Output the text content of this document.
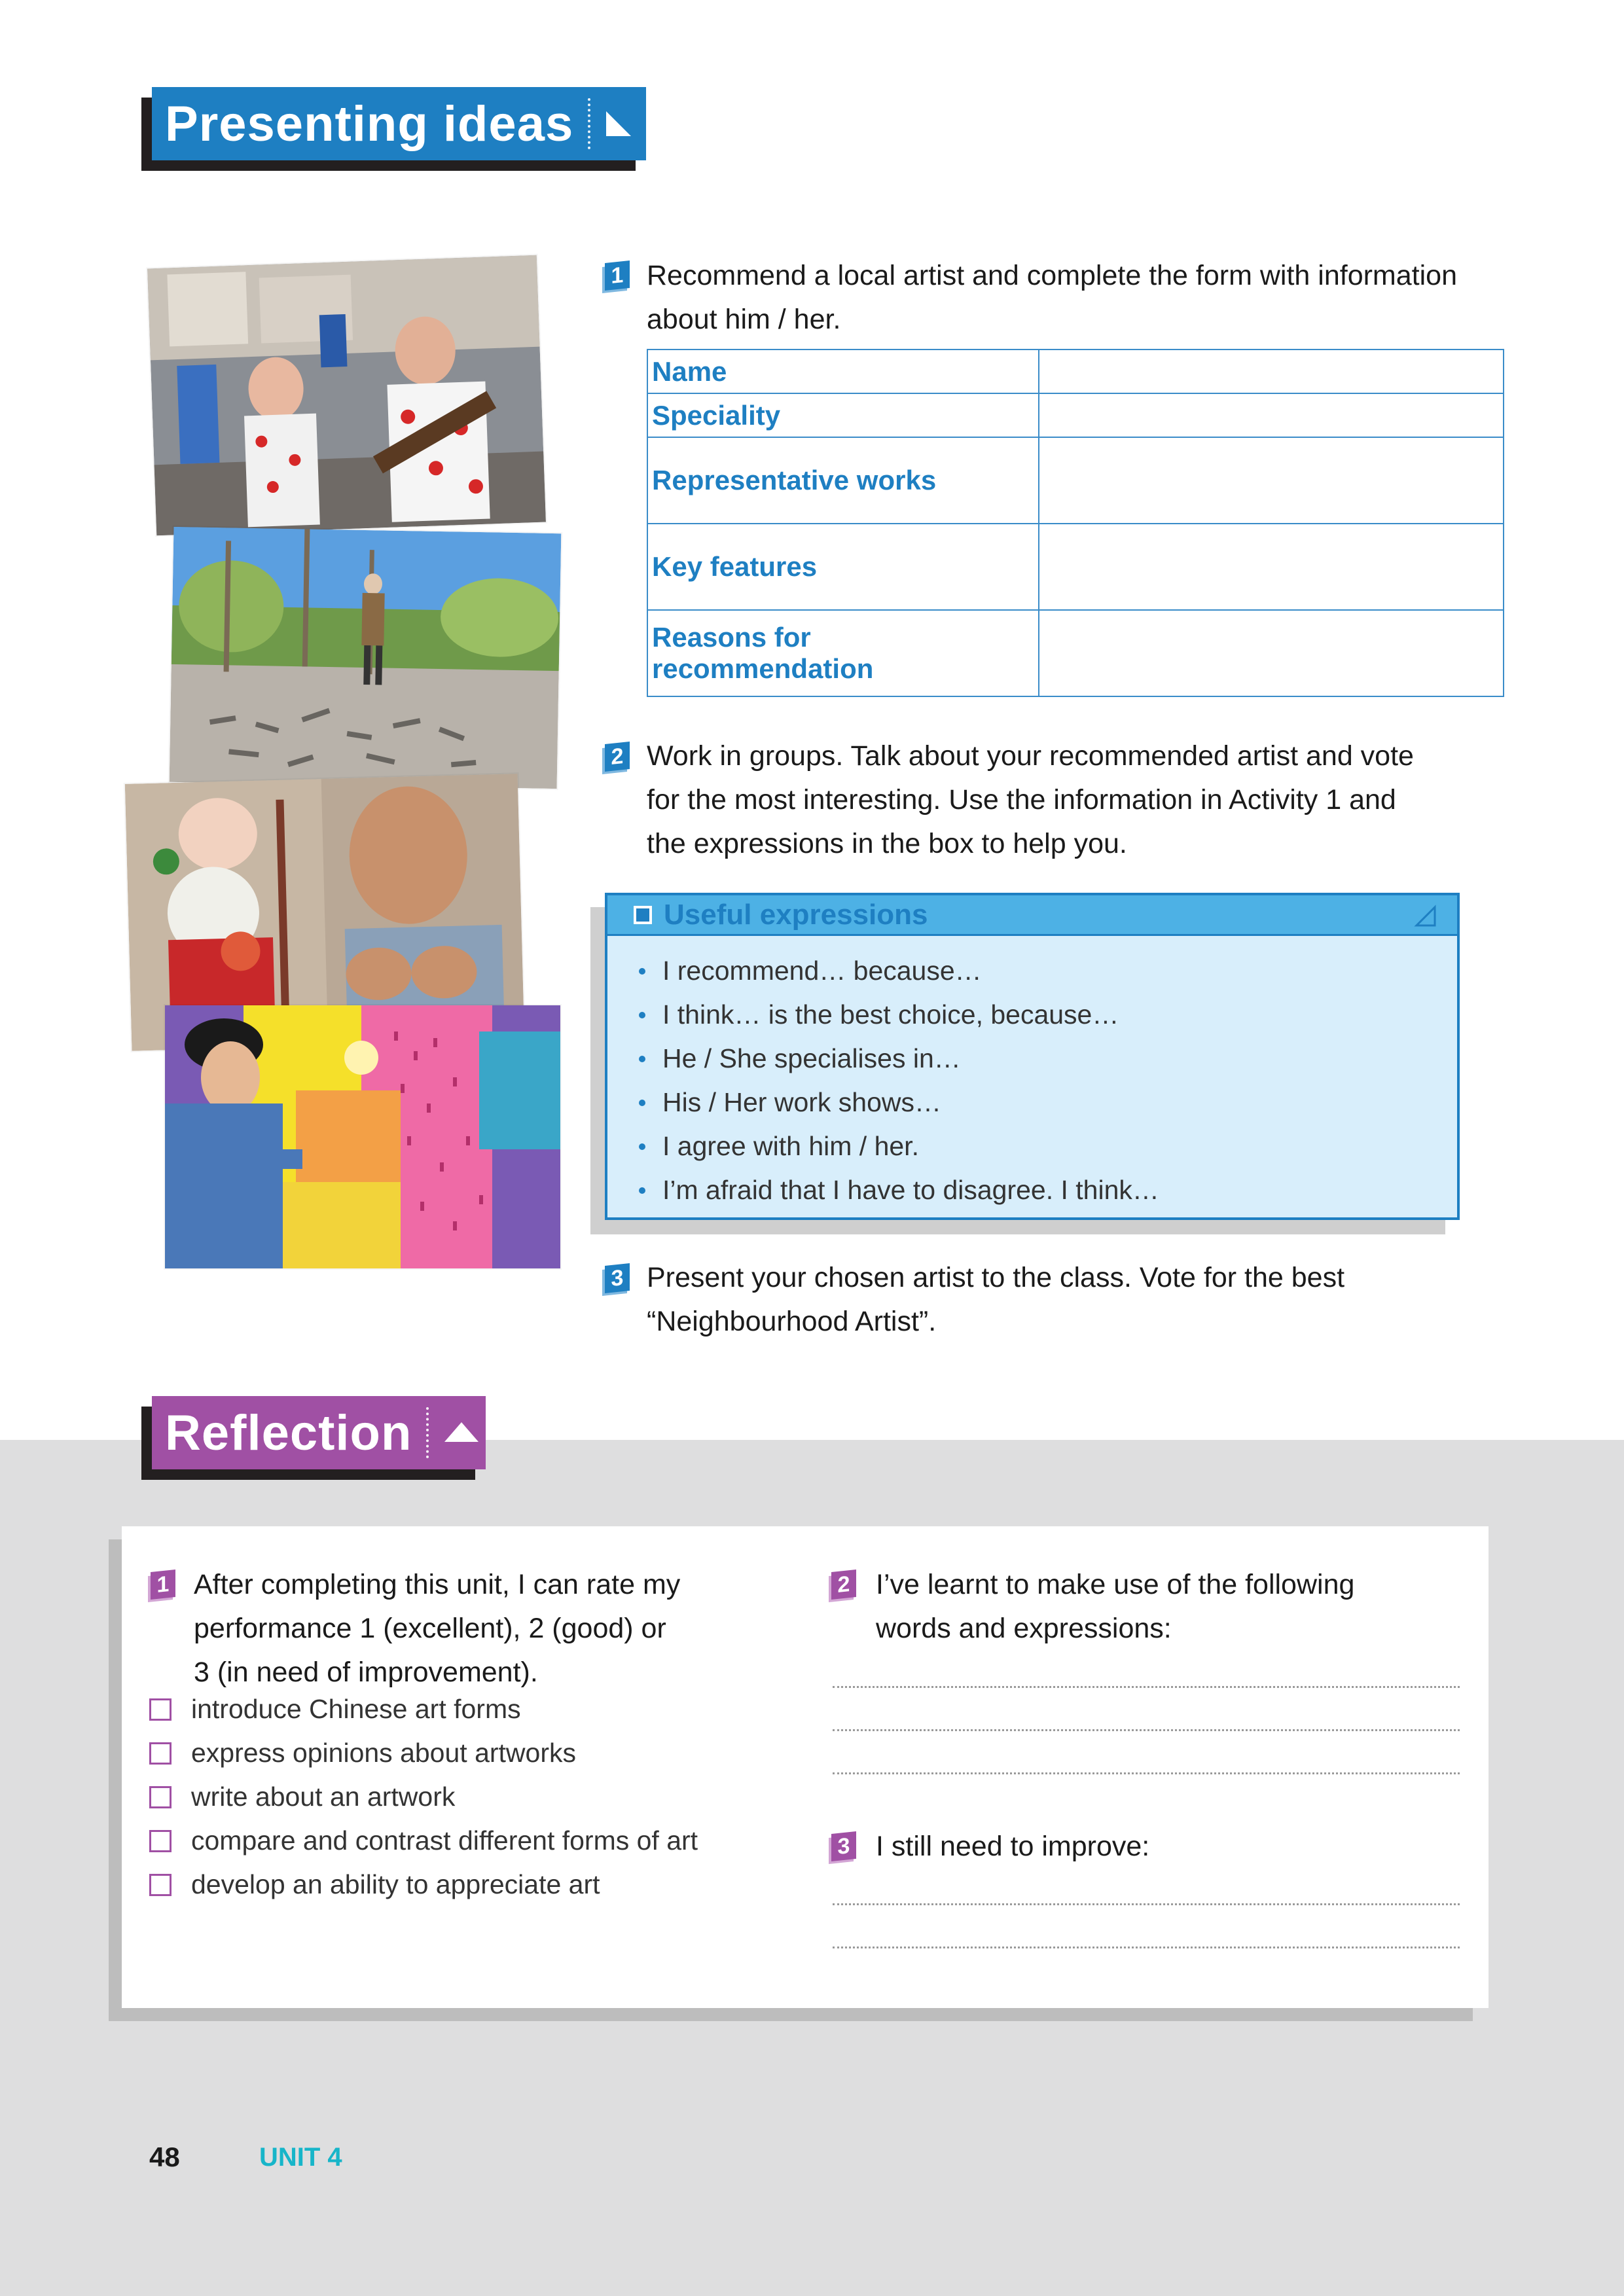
Presenting ideas
1 Recommend a local artist and complete the form with information
about him / her.
Name	
Speciality	
Representative works	
Key features	
Reasons for recommendation	
2 Work in groups. Talk about your recommended artist and vote
for the most interesting. Use the information in Activity 1 and
the expressions in the box to help you.
Useful expressions
I recommend… because…
I think… is the best choice, because…
He / She specialises in…
His / Her work shows…
I agree with him / her.
I’m afraid that I have to disagree. I think…
3 Present your chosen artist to the class. Vote for the best
“Neighbourhood Artist”.
Reflection
1 After completing this unit, I can rate my
performance 1 (excellent), 2 (good) or
3 (in need of improvement).
introduce Chinese art forms
express opinions about artworks
write about an artwork
compare and contrast different forms of art
develop an ability to appreciate art
2 I’ve learnt to make use of the following
words and expressions:
3 I still need to improve:
48	UNIT 4
